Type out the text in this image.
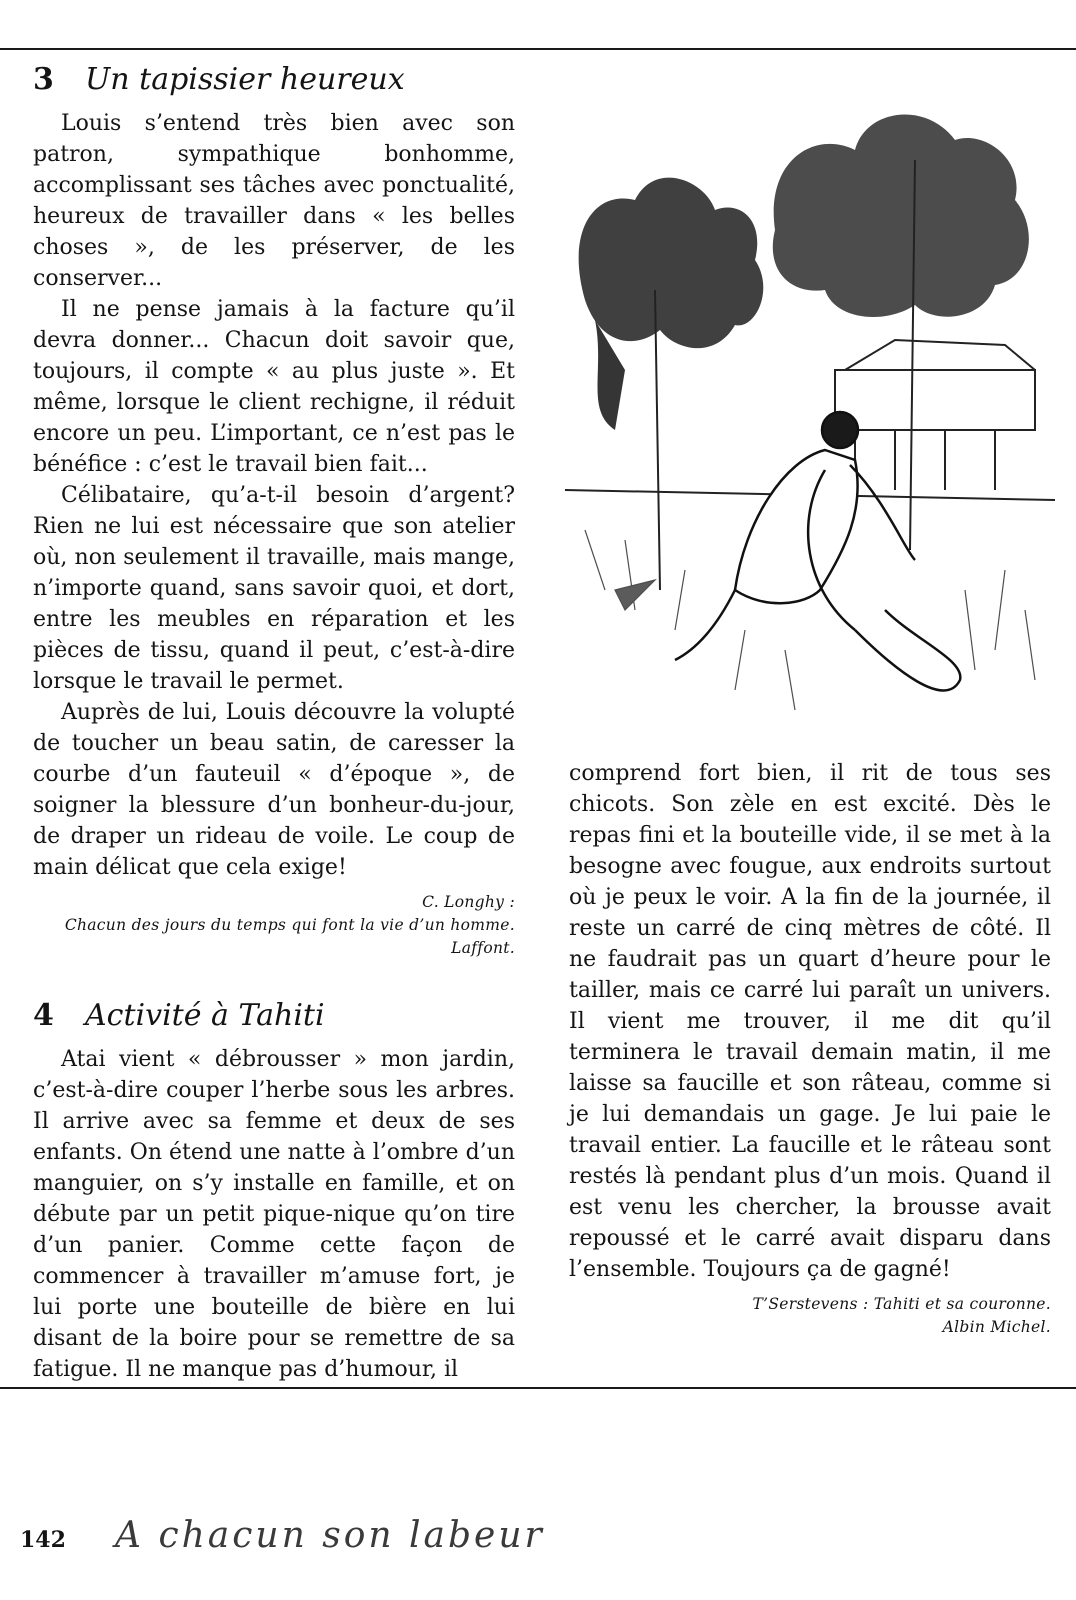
3 Un tapissier heureux

Louis s’entend très bien avec son patron, sympathique bonhomme, accomplissant ses tâches avec ponctualité, heureux de travailler dans « les belles choses », de les préserver, de les conserver...

Il ne pense jamais à la facture qu’il devra donner... Chacun doit savoir que, toujours, il compte « au plus juste ». Et même, lorsque le client rechigne, il réduit encore un peu. L’important, ce n’est pas le bénéfice : c’est le travail bien fait...

Célibataire, qu’a-t-il besoin d’argent? Rien ne lui est nécessaire que son atelier où, non seulement il travaille, mais mange, n’importe quand, sans savoir quoi, et dort, entre les meubles en réparation et les pièces de tissu, quand il peut, c’est-à-dire lorsque le travail le permet.

Auprès de lui, Louis découvre la volupté de toucher un beau satin, de caresser la courbe d’un fauteuil « d’époque », de soigner la blessure d’un bonheur-du-jour, de draper un rideau de voile. Le coup de main délicat que cela exige!

C. Longhy :
Chacun des jours du temps qui font la vie d’un homme.
Laffont.
4 Activité à Tahiti

Atai vient « débrousser » mon jardin, c’est-à-dire couper l’herbe sous les arbres. Il arrive avec sa femme et deux de ses enfants. On étend une natte à l’ombre d’un manguier, on s’y installe en famille, et on débute par un petit pique-nique qu’on tire d’un panier. Comme cette façon de commencer à travailler m’amuse fort, je lui porte une bouteille de bière en lui disant de la boire pour se remettre de sa fatigue. Il ne manque pas d’humour, il

comprend fort bien, il rit de tous ses chicots. Son zèle en est excité. Dès le repas fini et la bouteille vide, il se met à la besogne avec fougue, aux endroits surtout où je peux le voir. A la fin de la journée, il reste un carré de cinq mètres de côté. Il ne faudrait pas un quart d’heure pour le tailler, mais ce carré lui paraît un univers. Il vient me trouver, il me dit qu’il terminera le travail demain matin, il me laisse sa faucille et son râteau, comme si je lui demandais un gage. Je lui paie le travail entier. La faucille et le râteau sont restés là pendant plus d’un mois. Quand il est venu les chercher, la brousse avait repoussé et le carré avait disparu dans l’ensemble. Toujours ça de gagné!

T’Serstevens : Tahiti et sa couronne.
Albin Michel.
142 A chacun son labeur
